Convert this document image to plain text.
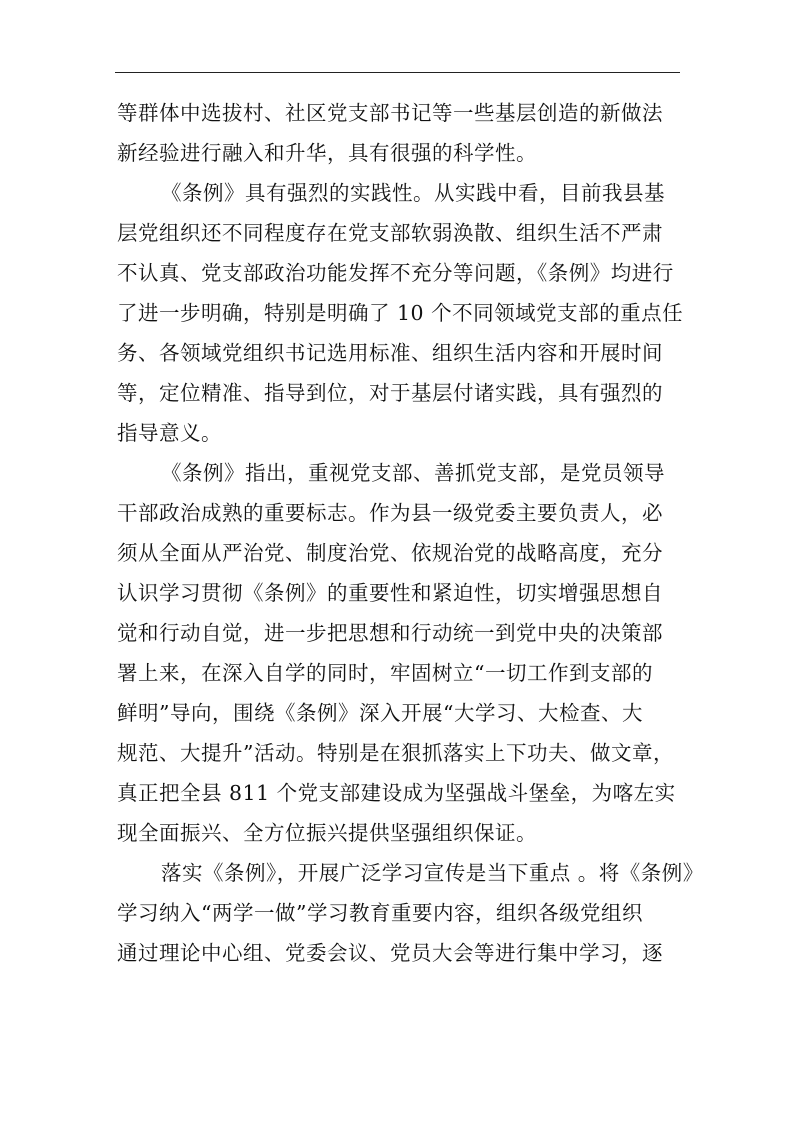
等群体中选拔村、社区党支部书记等一些基层创造的新做法
新经验进行融入和升华，具有很强的科学性。
《条例》具有强烈的实践性。从实践中看，目前我县基
层党组织还不同程度存在党支部软弱涣散、组织生活不严肃
不认真、党支部政治功能发挥不充分等问题，《条例》均进行
了进一步明确，特别是明确了 10 个不同领域党支部的重点任
务、各领域党组织书记选用标准、组织生活内容和开展时间
等，定位精准、指导到位，对于基层付诸实践，具有强烈的
指导意义。
《条例》指出，重视党支部、善抓党支部，是党员领导
干部政治成熟的重要标志。作为县一级党委主要负责人，必
须从全面从严治党、制度治党、依规治党的战略高度，充分
认识学习贯彻《条例》的重要性和紧迫性，切实增强思想自
觉和行动自觉，进一步把思想和行动统一到党中央的决策部
署上来，在深入自学的同时，牢固树立“一切工作到支部的
鲜明”导向，围绕《条例》深入开展“大学习、大检查、大
规范、大提升”活动。特别是在狠抓落实上下功夫、做文章，
真正把全县 811 个党支部建设成为坚强战斗堡垒，为喀左实
现全面振兴、全方位振兴提供坚强组织保证。
落实《条例》，开展广泛学习宣传是当下重点 。将《条例》
学习纳入“两学一做”学习教育重要内容，组织各级党组织
通过理论中心组、党委会议、党员大会等进行集中学习，逐
